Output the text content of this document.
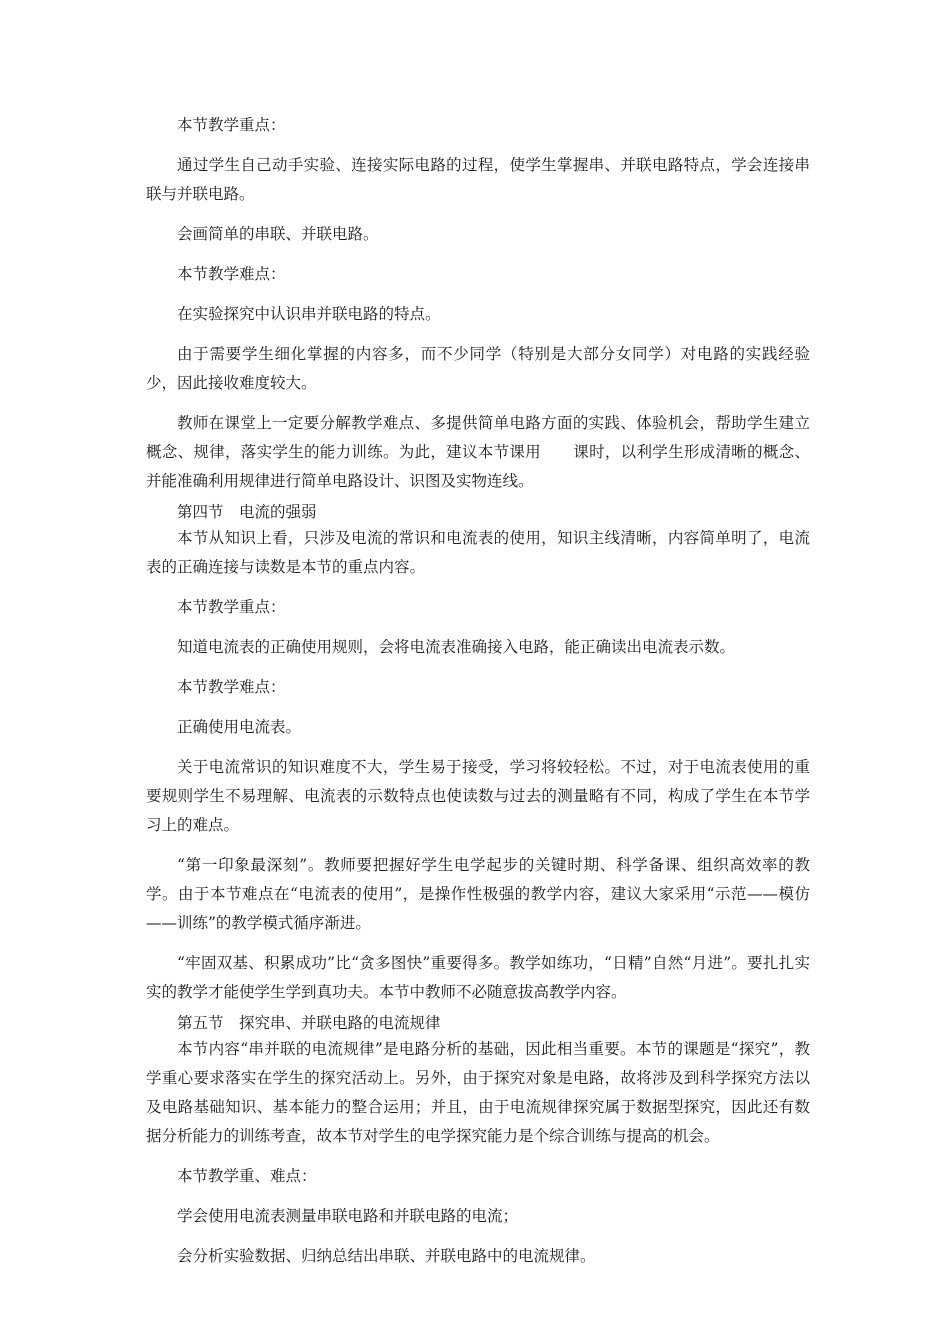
本节教学重点：

通过学生自己动手实验、连接实际电路的过程，使学生掌握串、并联电路特点，学会连接串联与并联电路。

会画简单的串联、并联电路。

本节教学难点：

在实验探究中认识串并联电路的特点。

由于需要学生细化掌握的内容多，而不少同学（特别是大部分女同学）对电路的实践经验少，因此接收难度较大。

教师在课堂上一定要分解教学难点、多提供简单电路方面的实践、体验机会，帮助学生建立概念、规律，落实学生的能力训练。为此，建议本节课用 课时，以利学生形成清晰的概念、并能准确利用规律进行简单电路设计、识图及实物连线。

第四节　电流的强弱

本节从知识上看，只涉及电流的常识和电流表的使用，知识主线清晰，内容简单明了，电流表的正确连接与读数是本节的重点内容。

本节教学重点：

知道电流表的正确使用规则，会将电流表准确接入电路，能正确读出电流表示数。

本节教学难点：

正确使用电流表。

关于电流常识的知识难度不大，学生易于接受，学习将较轻松。不过，对于电流表使用的重要规则学生不易理解、电流表的示数特点也使读数与过去的测量略有不同，构成了学生在本节学习上的难点。

“第一印象最深刻”。教师要把握好学生电学起步的关键时期、科学备课、组织高效率的教学。由于本节难点在“电流表的使用”，是操作性极强的教学内容，建议大家采用“示范——模仿——训练”的教学模式循序渐进。

“牢固双基、积累成功”比“贪多图快”重要得多。教学如练功，“日精”自然“月进”。要扎扎实实的教学才能使学生学到真功夫。本节中教师不必随意拔高教学内容。

第五节　探究串、并联电路的电流规律

本节内容“串并联的电流规律”是电路分析的基础，因此相当重要。本节的课题是“探究”，教学重心要求落实在学生的探究活动上。另外，由于探究对象是电路，故将涉及到科学探究方法以及电路基础知识、基本能力的整合运用；并且，由于电流规律探究属于数据型探究，因此还有数据分析能力的训练考查，故本节对学生的电学探究能力是个综合训练与提高的机会。

本节教学重、难点：

学会使用电流表测量串联电路和并联电路的电流；

会分析实验数据、归纳总结出串联、并联电路中的电流规律。
